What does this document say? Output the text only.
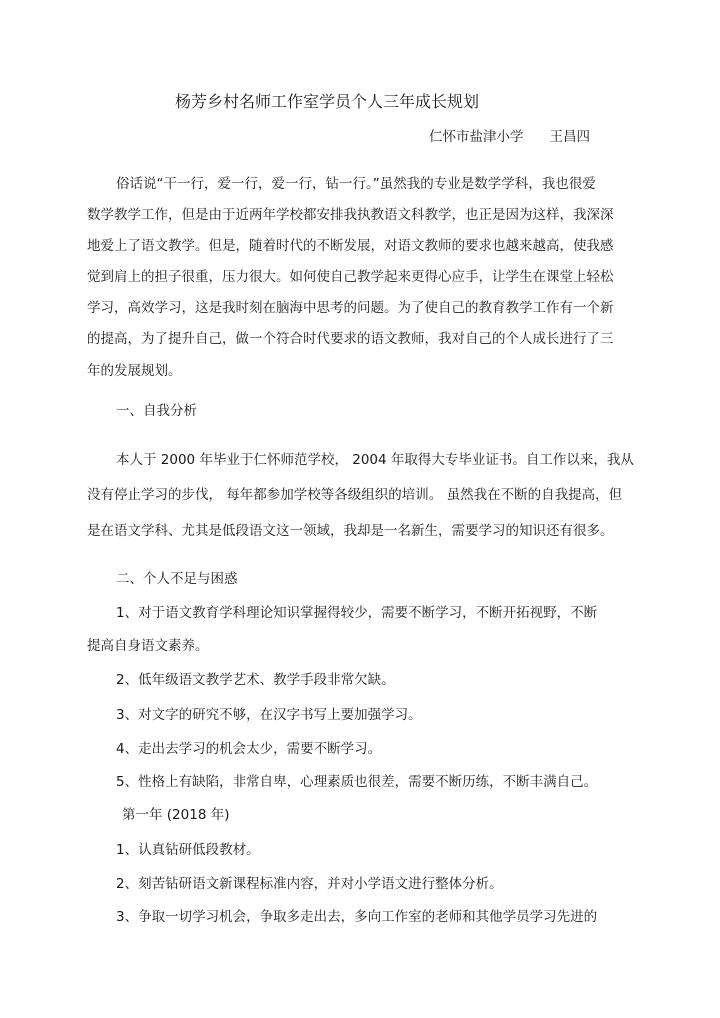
杨芳乡村名师工作室学员个人三年成长规划
仁怀市盐津小学 王昌四
俗话说“干一行，爱一行，爱一行，钻一行。”虽然我的专业是数学学科，我也很爱
数学教学工作，但是由于近两年学校都安排我执教语文科教学，也正是因为这样，我深深
地爱上了语文教学。但是，随着时代的不断发展，对语文教师的要求也越来越高，使我感
觉到肩上的担子很重，压力很大。如何使自己教学起来更得心应手，让学生在课堂上轻松
学习，高效学习，这是我时刻在脑海中思考的问题。为了使自己的教育教学工作有一个新
的提高，为了提升自己，做一个符合时代要求的语文教师，我对自己的个人成长进行了三
年的发展规划。
一、自我分析
本人于 2000 年毕业于仁怀师范学校， 2004 年取得大专毕业证书。自工作以来，我从
没有停止学习的步伐， 每年都参加学校等各级组织的培训。 虽然我在不断的自我提高，但
是在语文学科、尤其是低段语文这一领域，我却是一名新生，需要学习的知识还有很多。
二、个人不足与困惑
1、对于语文教育学科理论知识掌握得较少，需要不断学习，不断开拓视野，不断
提高自身语文素养。
2、低年级语文教学艺术、教学手段非常欠缺。
3、对文字的研究不够，在汉字书写上要加强学习。
4、走出去学习的机会太少，需要不断学习。
5、性格上有缺陷，非常自卑，心理素质也很差，需要不断历练，不断丰满自己。
第一年 (2018 年)
1、认真钻研低段教材。
2、刻苦钻研语文新课程标准内容，并对小学语文进行整体分析。
3、争取一切学习机会，争取多走出去，多向工作室的老师和其他学员学习先进的
